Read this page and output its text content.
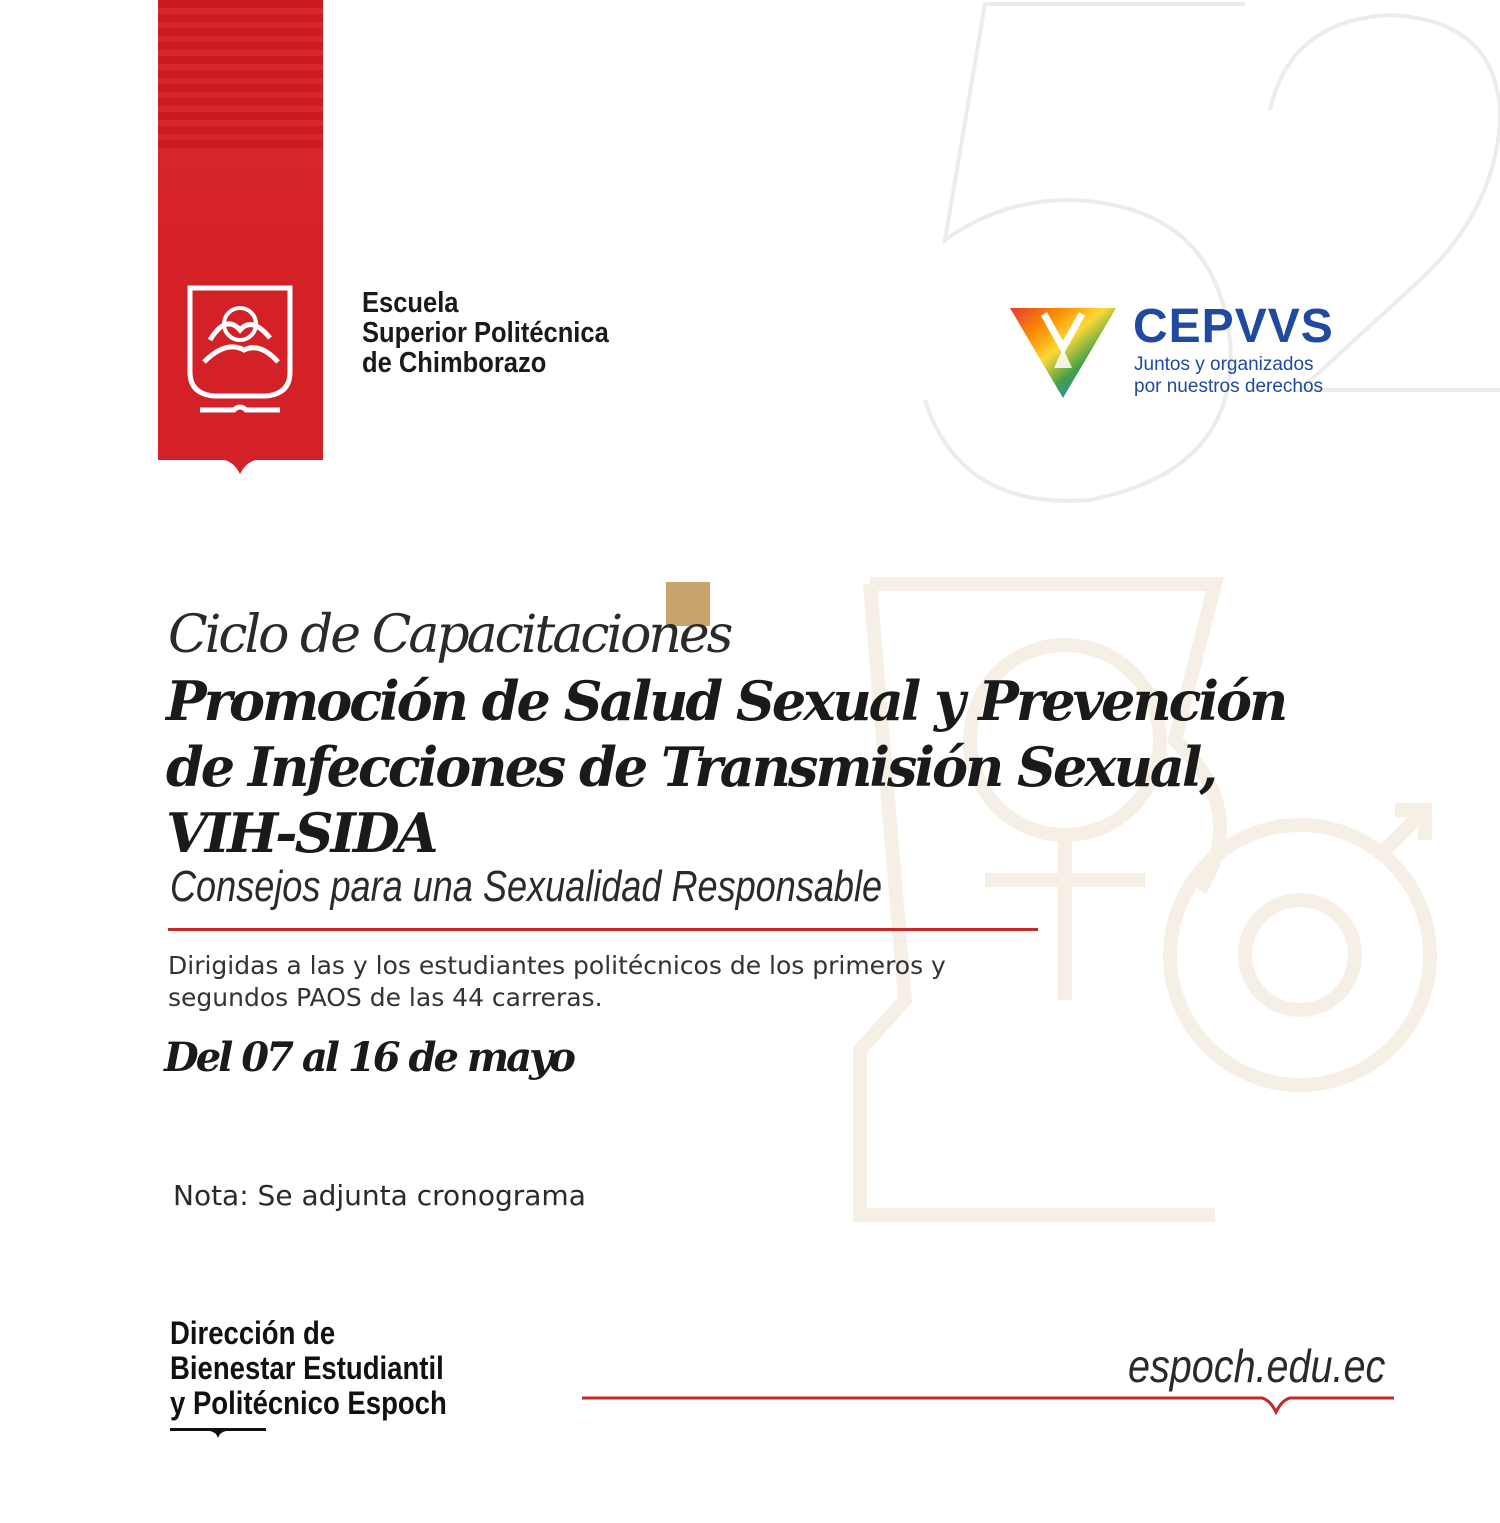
Escuela
Superior Politécnica
de Chimborazo
CEPVVS
Juntos y organizados
por nuestros derechos
Ciclo de Capacitaciones
Promoción de Salud Sexual y Prevención
de Infecciones de Transmisión Sexual,
VIH-SIDA
Consejos para una Sexualidad Responsable
Dirigidas a las y los estudiantes politécnicos de los primeros y
segundos PAOS de las 44 carreras.
Del 07 al 16 de mayo
Nota: Se adjunta cronograma
Dirección de
Bienestar Estudiantil
y Politécnico Espoch
espoch.edu.ec
